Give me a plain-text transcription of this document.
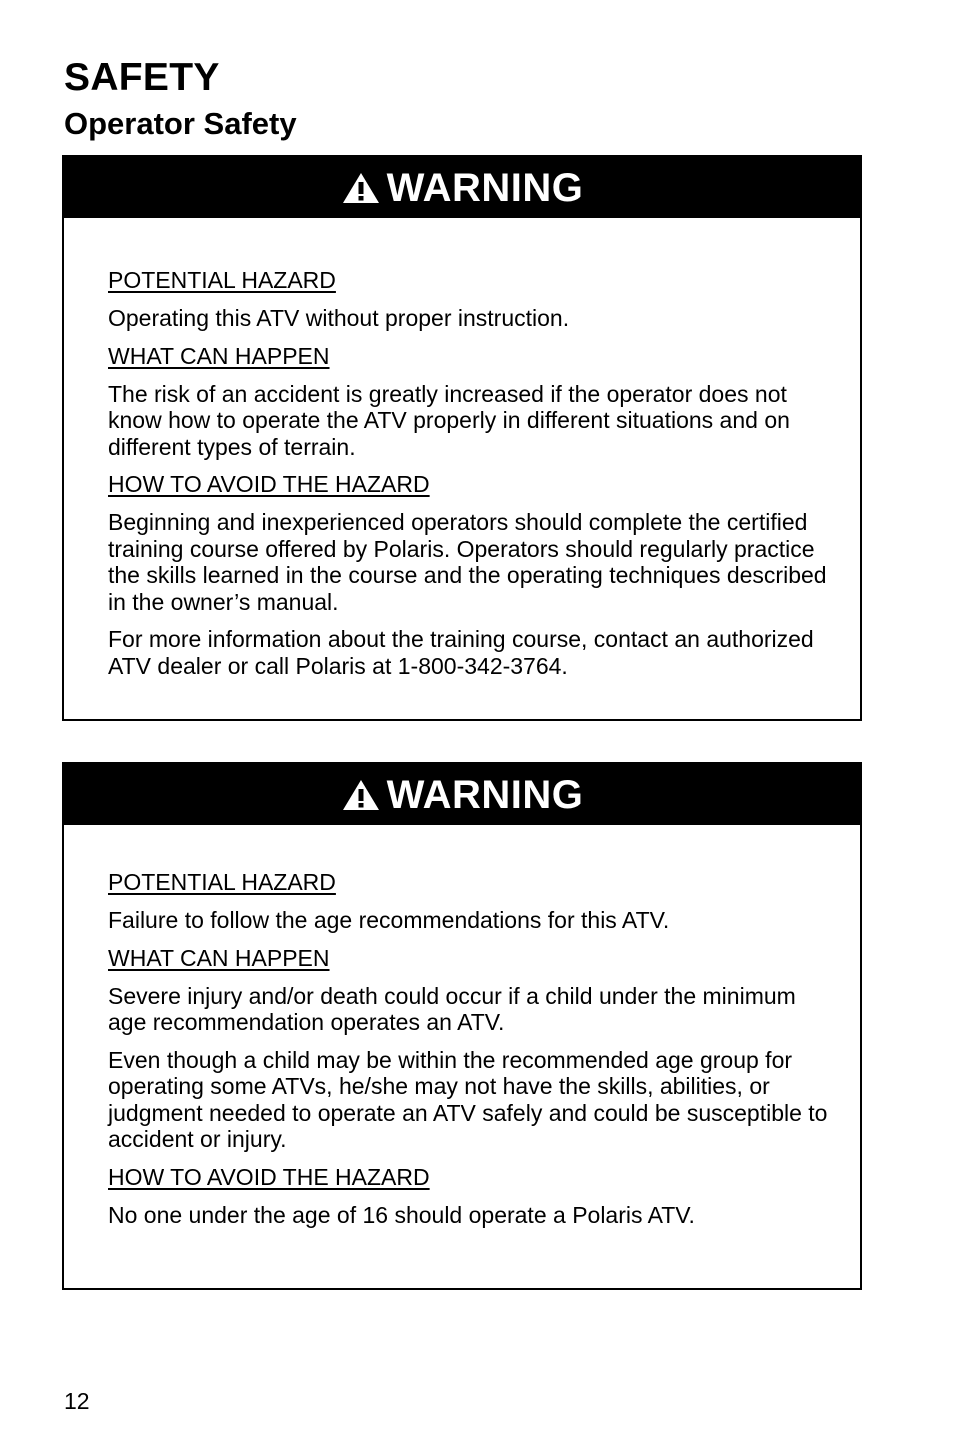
SAFETY
Operator Safety
WARNING

POTENTIAL HAZARD

Operating this ATV without proper instruction.

WHAT CAN HAPPEN

The risk of an accident is greatly increased if the operator does not know how to operate the ATV properly in different situations and on different types of terrain.

HOW TO AVOID THE HAZARD

Beginning and inexperienced operators should complete the certified training course offered by Polaris. Operators should regularly practice the skills learned in the course and the operating techniques described in the owner’s manual.

For more information about the training course, contact an authorized ATV dealer or call Polaris at 1-800-342-3764.

WARNING

POTENTIAL HAZARD

Failure to follow the age recommendations for this ATV.

WHAT CAN HAPPEN

Severe injury and/or death could occur if a child under the minimum age recommendation operates an ATV.

Even though a child may be within the recommended age group for operating some ATVs, he/she may not have the skills, abilities, or judgment needed to operate an ATV safely and could be susceptible to accident or injury.

HOW TO AVOID THE HAZARD

No one under the age of 16 should operate a Polaris ATV.

12
